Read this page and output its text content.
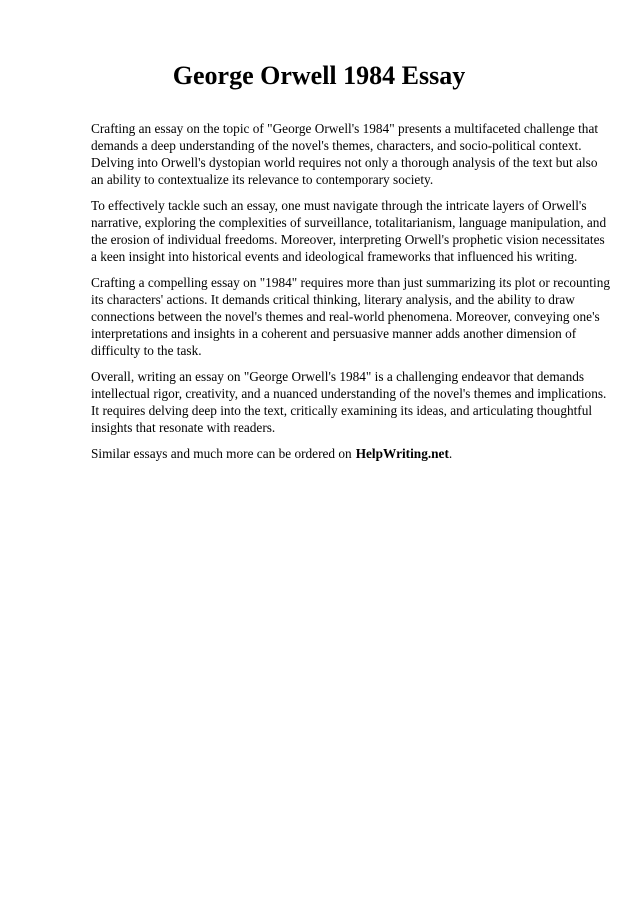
George Orwell 1984 Essay

Crafting an essay on the topic of "George Orwell's 1984" presents a multifaceted challenge that
demands a deep understanding of the novel's themes, characters, and socio-political context.
Delving into Orwell's dystopian world requires not only a thorough analysis of the text but also
an ability to contextualize its relevance to contemporary society.

To effectively tackle such an essay, one must navigate through the intricate layers of Orwell's
narrative, exploring the complexities of surveillance, totalitarianism, language manipulation, and
the erosion of individual freedoms. Moreover, interpreting Orwell's prophetic vision necessitates
a keen insight into historical events and ideological frameworks that influenced his writing.

Crafting a compelling essay on "1984" requires more than just summarizing its plot or recounting
its characters' actions. It demands critical thinking, literary analysis, and the ability to draw
connections between the novel's themes and real-world phenomena. Moreover, conveying one's
interpretations and insights in a coherent and persuasive manner adds another dimension of
difficulty to the task.

Overall, writing an essay on "George Orwell's 1984" is a challenging endeavor that demands
intellectual rigor, creativity, and a nuanced understanding of the novel's themes and implications.
It requires delving deep into the text, critically examining its ideas, and articulating thoughtful
insights that resonate with readers.

Similar essays and much more can be ordered on HelpWriting.net.
